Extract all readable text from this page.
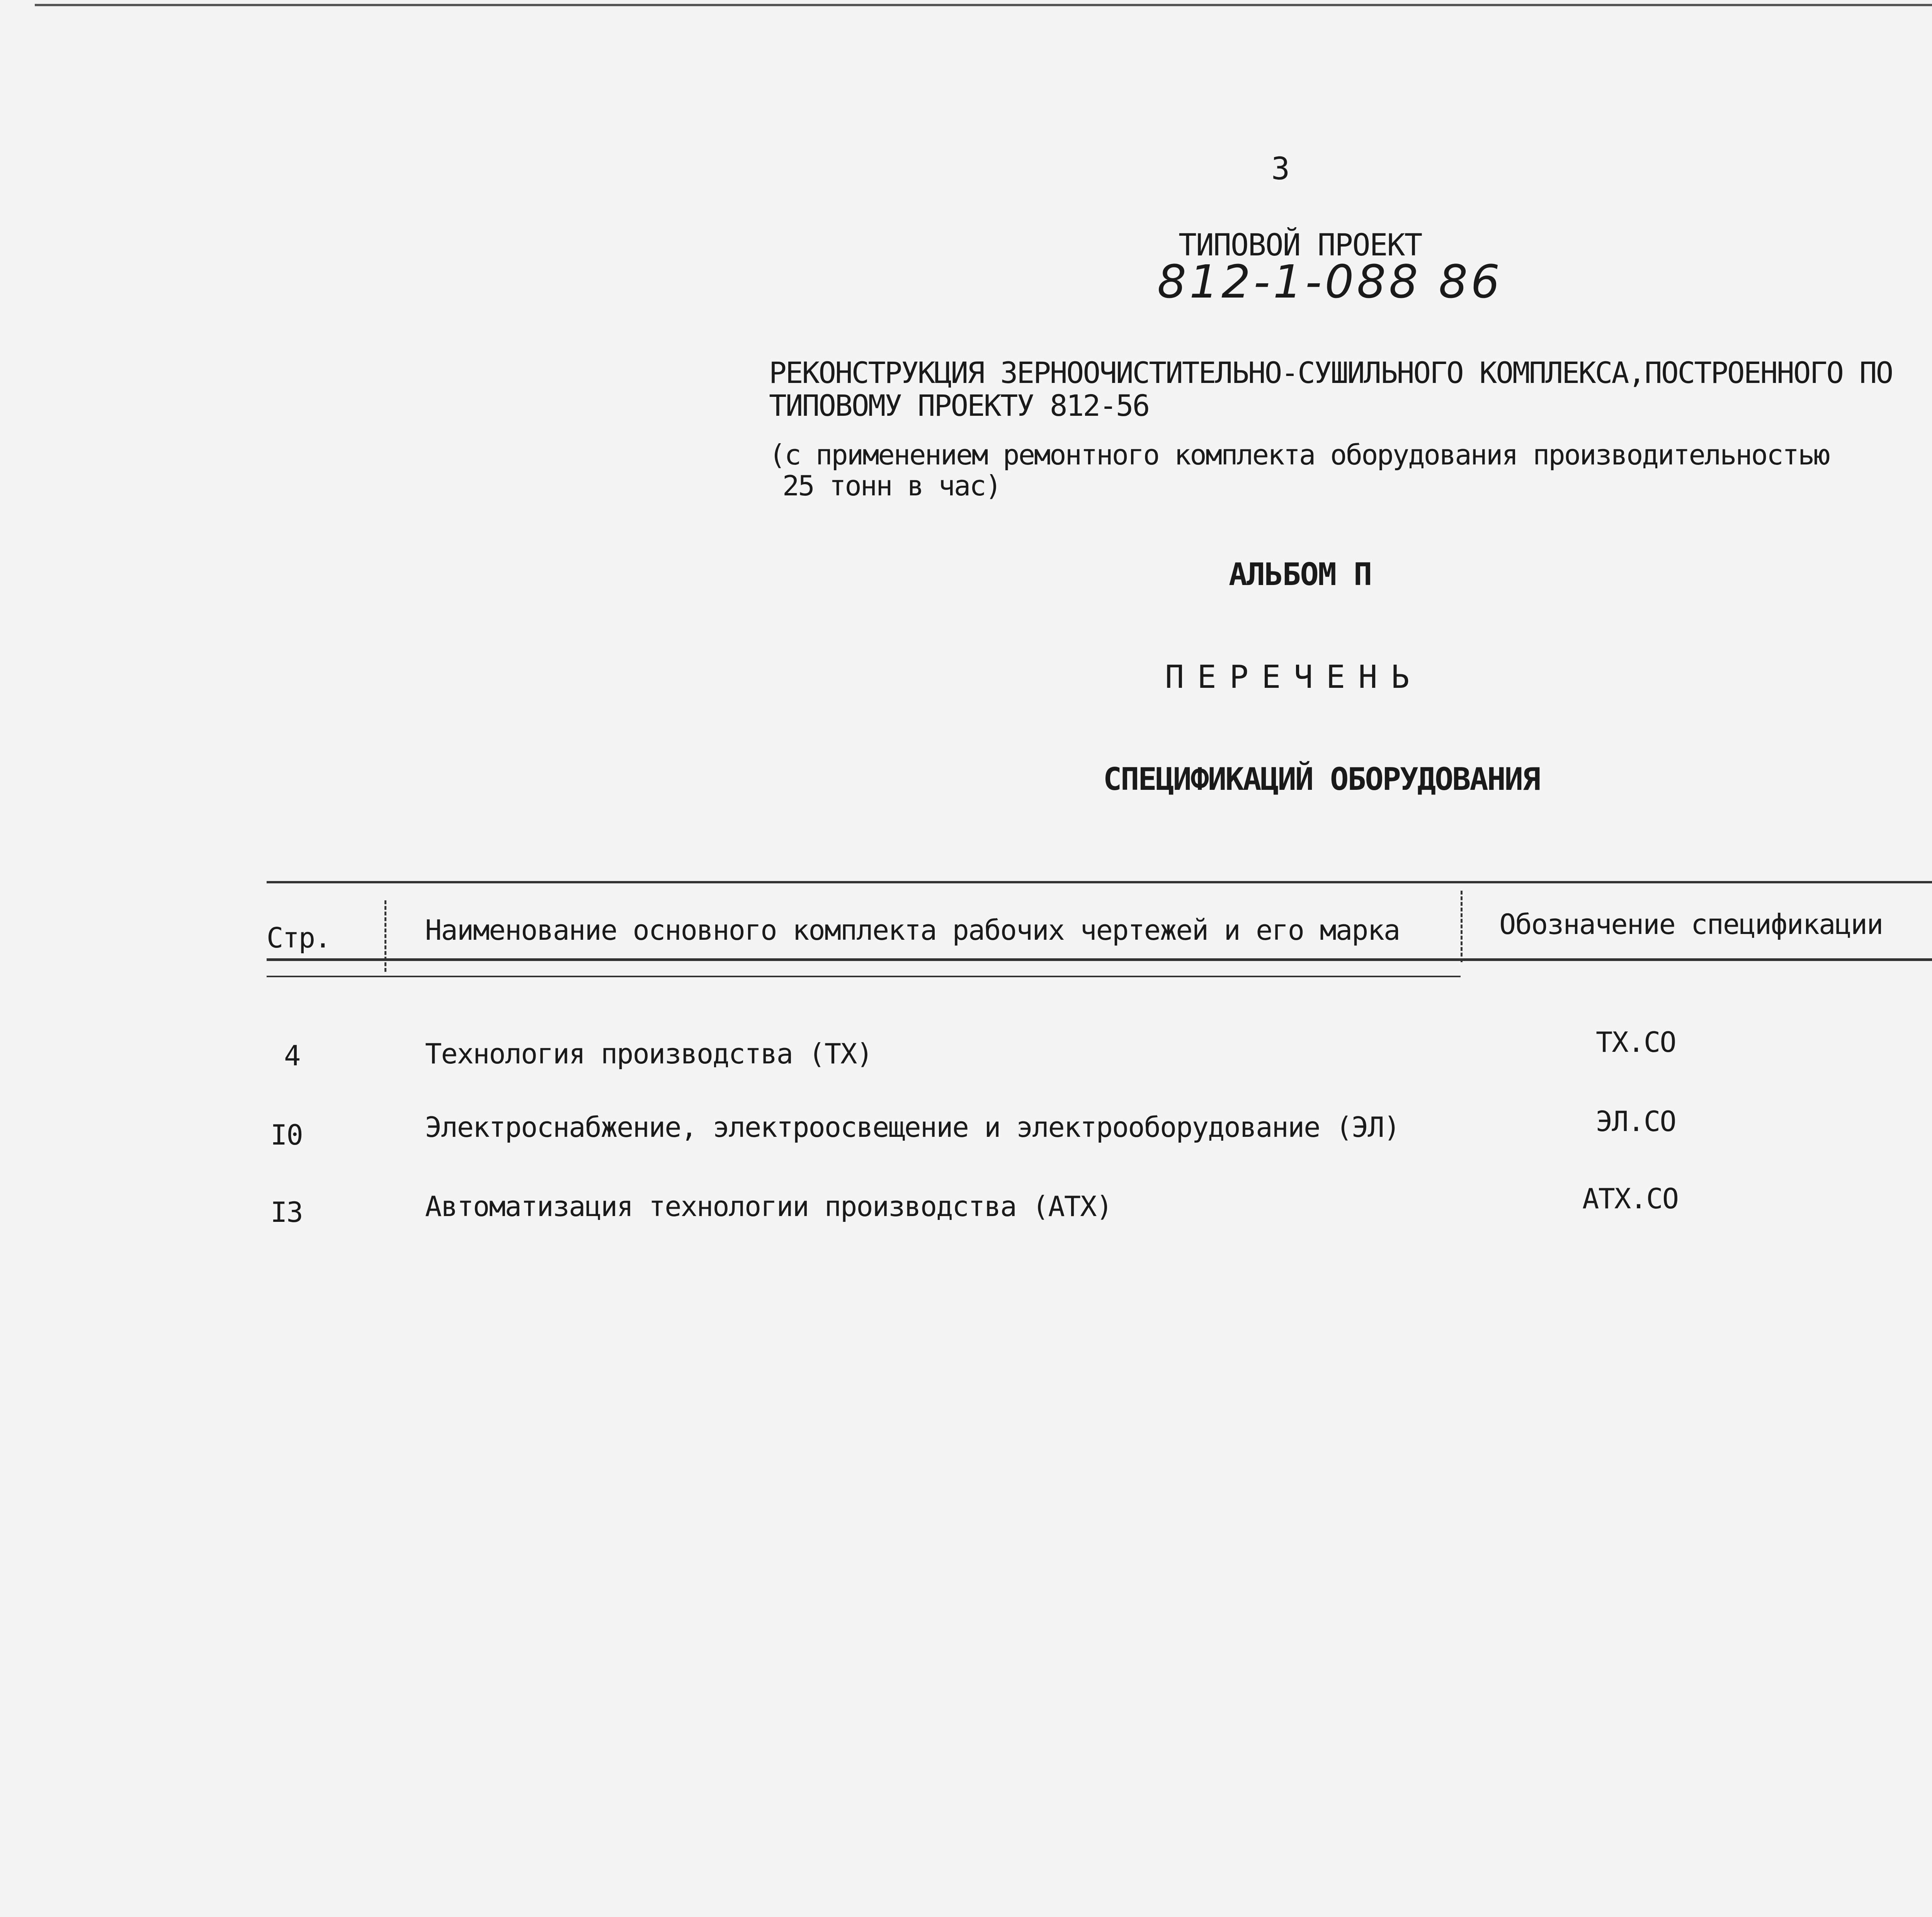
3
ТИПОВОЙ ПРОЕКТ
812-1-088 86
РЕКОНСТРУКЦИЯ ЗЕРНООЧИСТИТЕЛЬНО-СУШИЛЬНОГО КОМПЛЕКСА,ПОСТРОЕННОГО ПО
ТИПОВОМУ ПРОЕКТУ 812-56
(с применением ремонтного комплекта оборудования производительностью
25 тонн в час)
АЛЬБОМ П
ПЕРЕЧЕНЬ
СПЕЦИФИКАЦИЙ ОБОРУДОВАНИЯ
Стр.	Наименование основного комплекта рабочих чертежей и его марка	Обозначение спецификации
4	Технология производства (ТХ)	ТХ.СО
I0	Электроснабжение, электроосвещение и электрооборудование (ЭЛ)	ЭЛ.СО
I3	Автоматизация технологии производства (АТХ)	АТХ.СО
